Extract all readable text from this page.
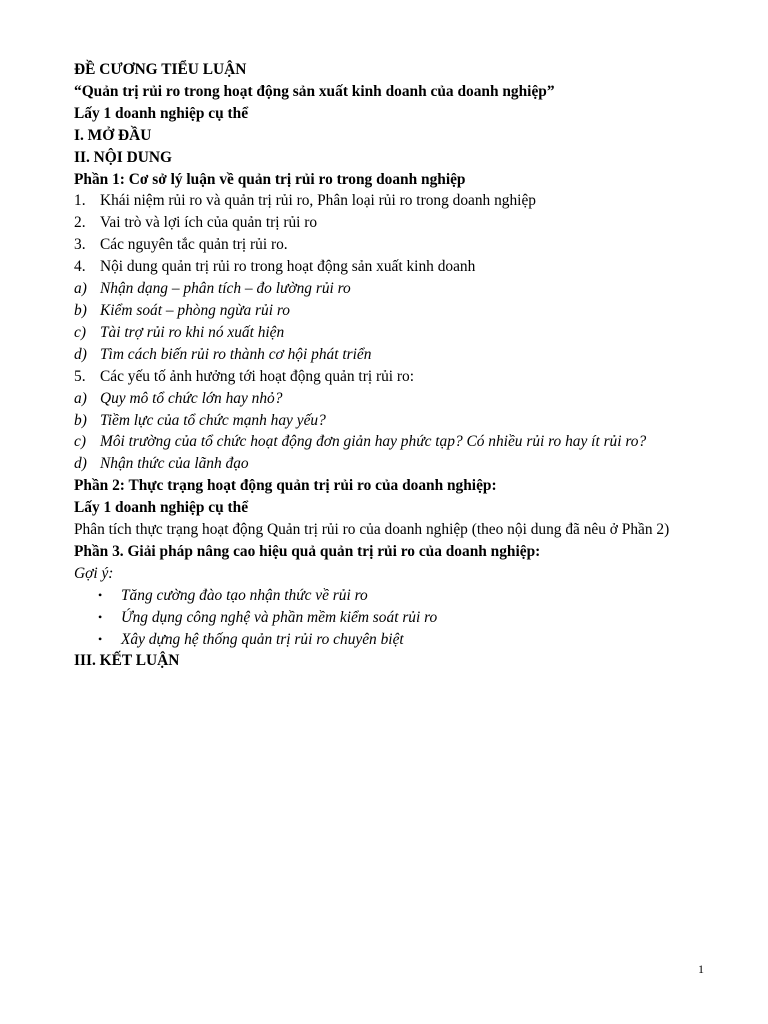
ĐỀ CƯƠNG TIỂU LUẬN
“Quản trị rủi ro trong hoạt động sản xuất kinh doanh của doanh nghiệp”
Lấy 1 doanh nghiệp cụ thể
I. MỞ ĐẦU
II. NỘI DUNG
Phần 1: Cơ sở lý luận về quản trị rủi ro trong doanh nghiệp
1. Khái niệm rủi ro và quản trị rủi ro, Phân loại rủi ro trong doanh nghiệp
2. Vai trò và lợi ích của quản trị rủi ro
3. Các nguyên tắc quản trị rủi ro.
4. Nội dung quản trị rủi ro trong hoạt động sản xuất kinh doanh
a) Nhận dạng – phân tích – đo lường rủi ro
b) Kiểm soát – phòng ngừa rủi ro
c) Tài trợ rủi ro khi nó xuất hiện
d) Tìm cách biến rủi ro thành cơ hội phát triển
5. Các yếu tố ảnh hưởng tới hoạt động quản trị rủi ro:
a) Quy mô tổ chức lớn hay nhỏ?
b) Tiềm lực của tổ chức mạnh hay yếu?
c) Môi trường của tổ chức hoạt động đơn giản hay phức tạp? Có nhiều rủi ro hay ít rủi ro?
d) Nhận thức của lãnh đạo
Phần 2: Thực trạng hoạt động quản trị rủi ro của doanh nghiệp:
Lấy 1 doanh nghiệp cụ thể
Phân tích thực trạng hoạt động Quản trị rủi ro của doanh nghiệp (theo nội dung đã nêu ở Phần 2)
Phần 3. Giải pháp nâng cao hiệu quả quản trị rủi ro của doanh nghiệp:
Gợi ý:
•	Tăng cường đào tạo nhận thức về rủi ro
•	Ứng dụng công nghệ và phần mềm kiểm soát rủi ro
•	Xây dựng hệ thống quản trị rủi ro chuyên biệt
III. KẾT LUẬN
1
